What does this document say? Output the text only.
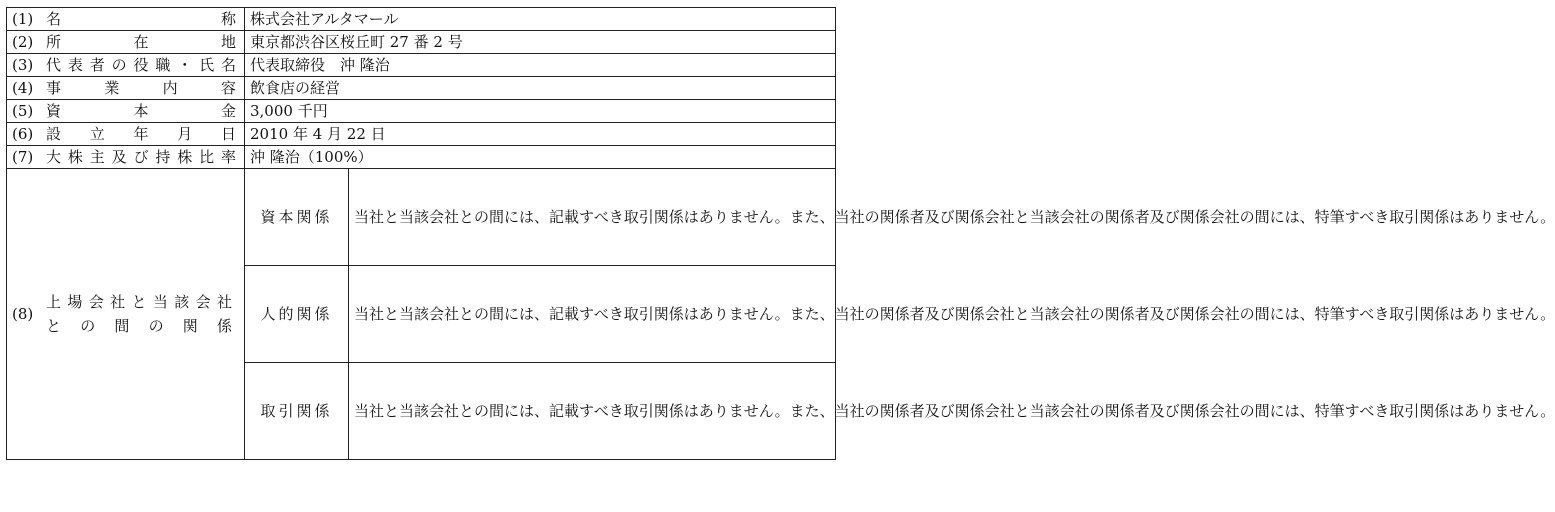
(1) 名称	株式会社アルタマール	
(2) 所在地	東京都渋谷区桜丘町 27 番 2 号	
(3) 代表者の役職・氏名	代表取締役　沖 隆治	
(4) 事業内容	飲食店の経営	
(5) 資本金	3,000 千円	
(6) 設立年月日	2010 年 4 月 22 日	
(7) 大株主及び持株比率	沖 隆治（100%）	

(8)
上場会社と当該会社
との間の関係	資本関係	当社と当該会社との間には、記載すべき取引関係はありません。また、当社の関係者及び関係会社と当該会社の関係者及び関係会社の間には、特筆すべき取引関係はありません。
	人的関係	当社と当該会社との間には、記載すべき取引関係はありません。また、当社の関係者及び関係会社と当該会社の関係者及び関係会社の間には、特筆すべき取引関係はありません。
	取引関係	当社と当該会社との間には、記載すべき取引関係はありません。また、当社の関係者及び関係会社と当該会社の関係者及び関係会社の間には、特筆すべき取引関係はありません。
